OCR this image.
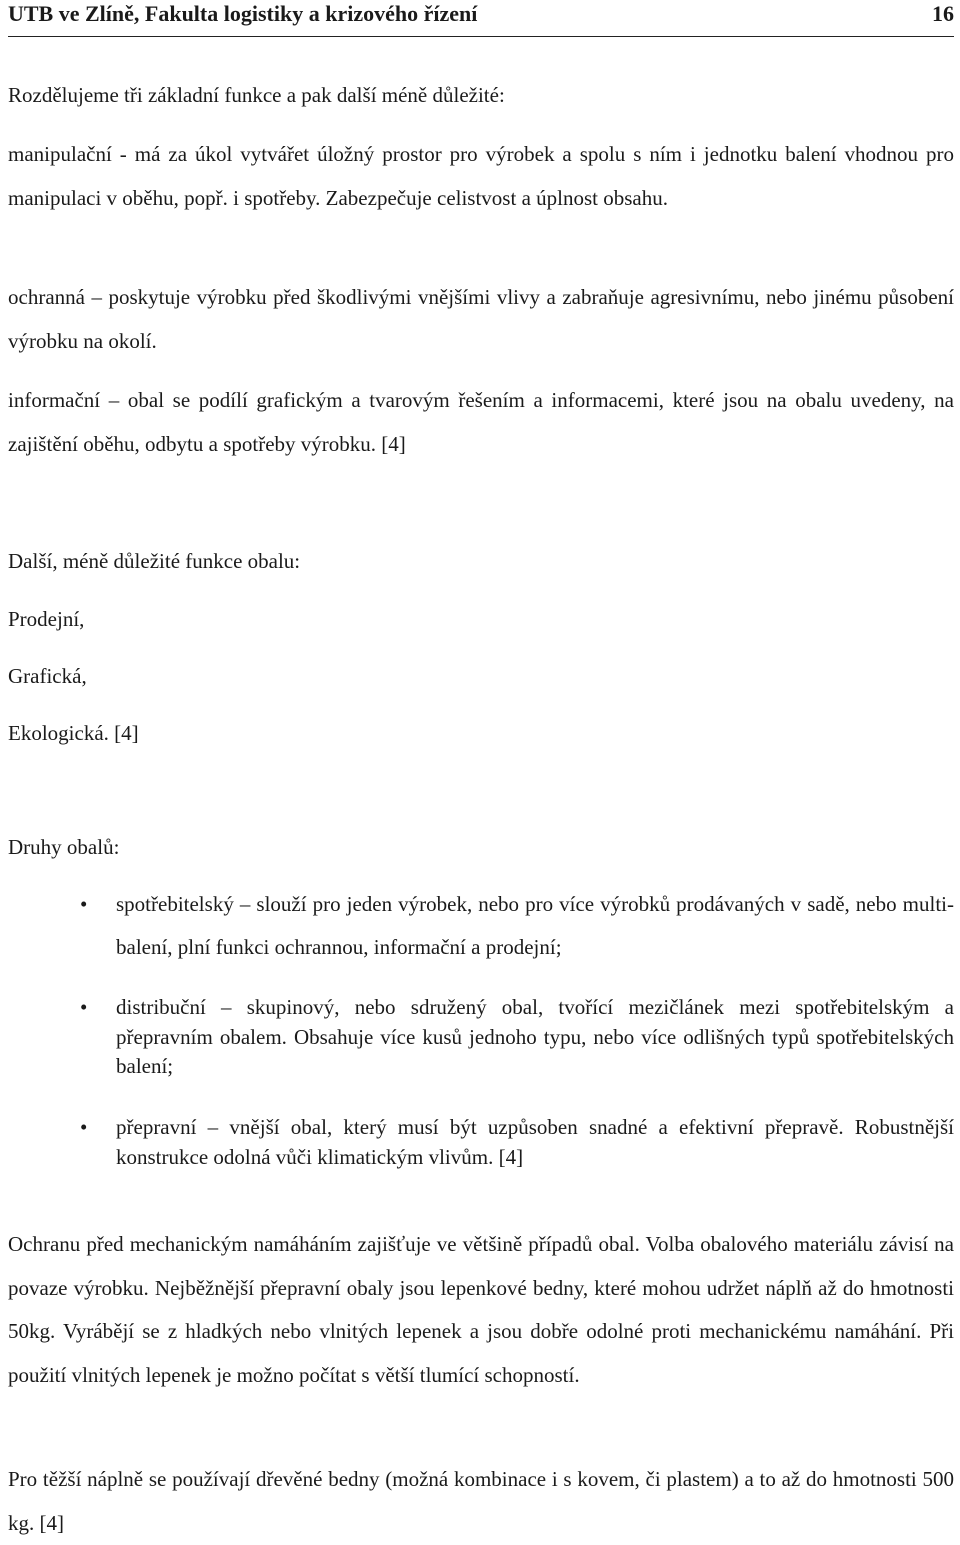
UTB ve Zlíně, Fakulta logistiky a krizového řízení	16

Rozdělujeme tři základní funkce a pak další méně důležité:

manipulační - má za úkol vytvářet úložný prostor pro výrobek a spolu s ním i jednotku balení vhodnou pro manipulaci v oběhu, popř. i spotřeby. Zabezpečuje celistvost a úplnost obsahu.

ochranná – poskytuje výrobku před škodlivými vnějšími vlivy a zabraňuje agresivnímu, nebo jinému působení výrobku na okolí.

informační – obal se podílí grafickým a tvarovým řešením a informacemi, které jsou na obalu uvedeny, na zajištění oběhu, odbytu a spotřeby výrobku. [4]

Další, méně důležité funkce obalu:

Prodejní,

Grafická,

Ekologická. [4]

Druhy obalů:

• spotřebitelský – slouží pro jeden výrobek, nebo pro více výrobků prodávaných v sadě, nebo multi-balení, plní funkci ochrannou, informační a prodejní;

• distribuční – skupinový, nebo sdružený obal, tvořící mezičlánek mezi spotřebitelským a přepravním obalem. Obsahuje více kusů jednoho typu, nebo více odlišných typů spotřebitelských balení;

• přepravní – vnější obal, který musí být uzpůsoben snadné a efektivní přepravě. Robustnější konstrukce odolná vůči klimatickým vlivům. [4]

Ochranu před mechanickým namáháním zajišťuje ve většině případů obal. Volba obalového materiálu závisí na povaze výrobku. Nejběžnější přepravní obaly jsou lepenkové bedny, které mohou udržet náplň až do hmotnosti 50kg. Vyrábějí se z hladkých nebo vlnitých lepenek a jsou dobře odolné proti mechanickému namáhání. Při použití vlnitých lepenek je možno počítat s větší tlumící schopností.

Pro těžší náplně se používají dřevěné bedny (možná kombinace i s kovem, či plastem) a to až do hmotnosti 500 kg. [4]
